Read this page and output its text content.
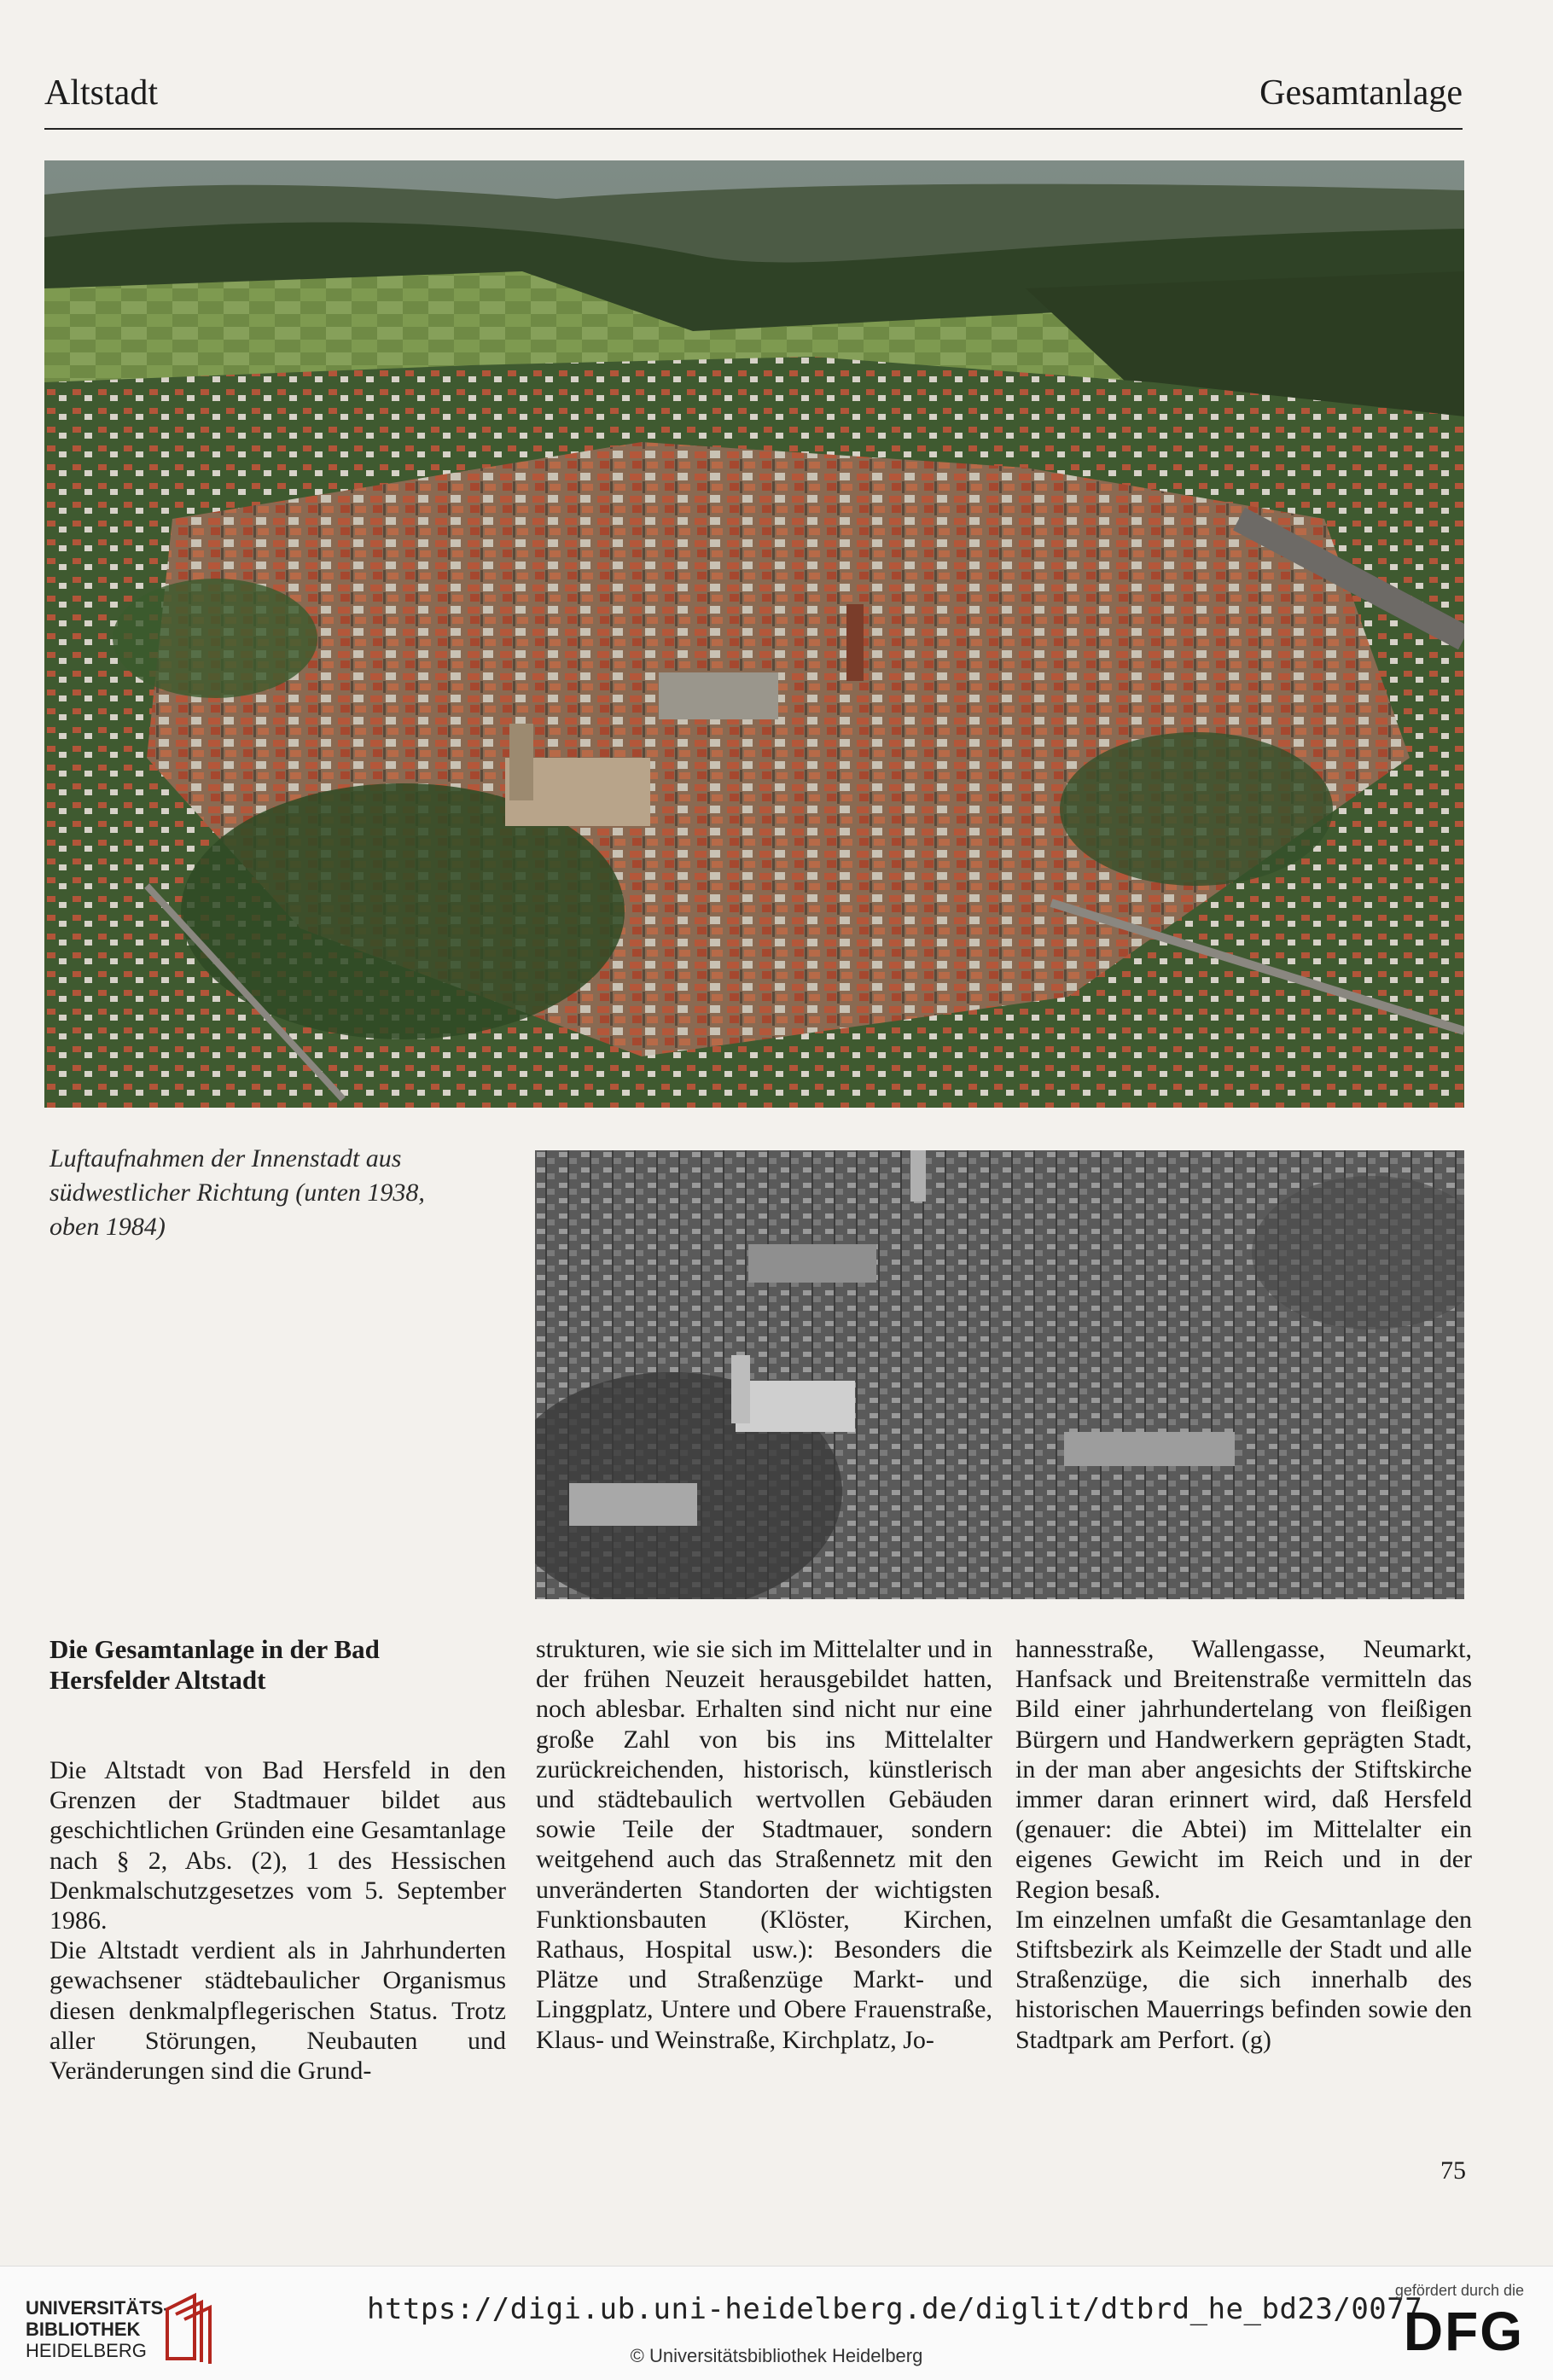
Altstadt	Gesamtanlage
Luftaufnahmen der Innenstadt aus
südwestlicher Richtung (unten 1938,
oben 1984)
Die Gesamtanlage in der Bad
Hersfelder Altstadt

Die Altstadt von Bad Hersfeld in den Grenzen der Stadtmauer bildet aus geschichtlichen Gründen eine Gesamtanlage nach § 2, Abs. (2), 1 des Hessischen Denkmalschutzgesetzes vom 5. September 1986.

Die Altstadt verdient als in Jahrhunderten gewachsener städtebaulicher Organismus diesen denkmalpflegerischen Status. Trotz aller Störungen, Neubauten und Veränderungen sind die Grund-

strukturen, wie sie sich im Mittelalter und in der frühen Neuzeit herausgebildet hatten, noch ablesbar. Erhalten sind nicht nur eine große Zahl von bis ins Mittelalter zurückreichenden, historisch, künstlerisch und städtebaulich wertvollen Gebäuden sowie Teile der Stadtmauer, sondern weitgehend auch das Straßennetz mit den unveränderten Standorten der wichtigsten Funktionsbauten (Klöster, Kirchen, Rathaus, Hospital usw.): Besonders die Plätze und Straßenzüge Markt- und Linggplatz, Untere und Obere Frauenstraße, Klaus- und Weinstraße, Kirchplatz, Jo-

hannesstraße, Wallengasse, Neumarkt, Hanfsack und Breitenstraße vermitteln das Bild einer jahrhundertelang von fleißigen Bürgern und Handwerkern geprägten Stadt, in der man aber angesichts der Stiftskirche immer daran erinnert wird, daß Hersfeld (genauer: die Abtei) im Mittelalter ein eigenes Gewicht im Reich und in der Region besaß.

Im einzelnen umfaßt die Gesamtanlage den Stiftsbezirk als Keimzelle der Stadt und alle Straßenzüge, die sich innerhalb des historischen Mauerrings befinden sowie den Stadtpark am Perfort. (g)

75
UNIVERSITÄTS-
BIBLIOTHEK
HEIDELBERG
https://digi.ub.uni-heidelberg.de/diglit/dtbrd_he_bd23/0077
© Universitätsbibliothek Heidelberg
gefördert durch die
DFG
